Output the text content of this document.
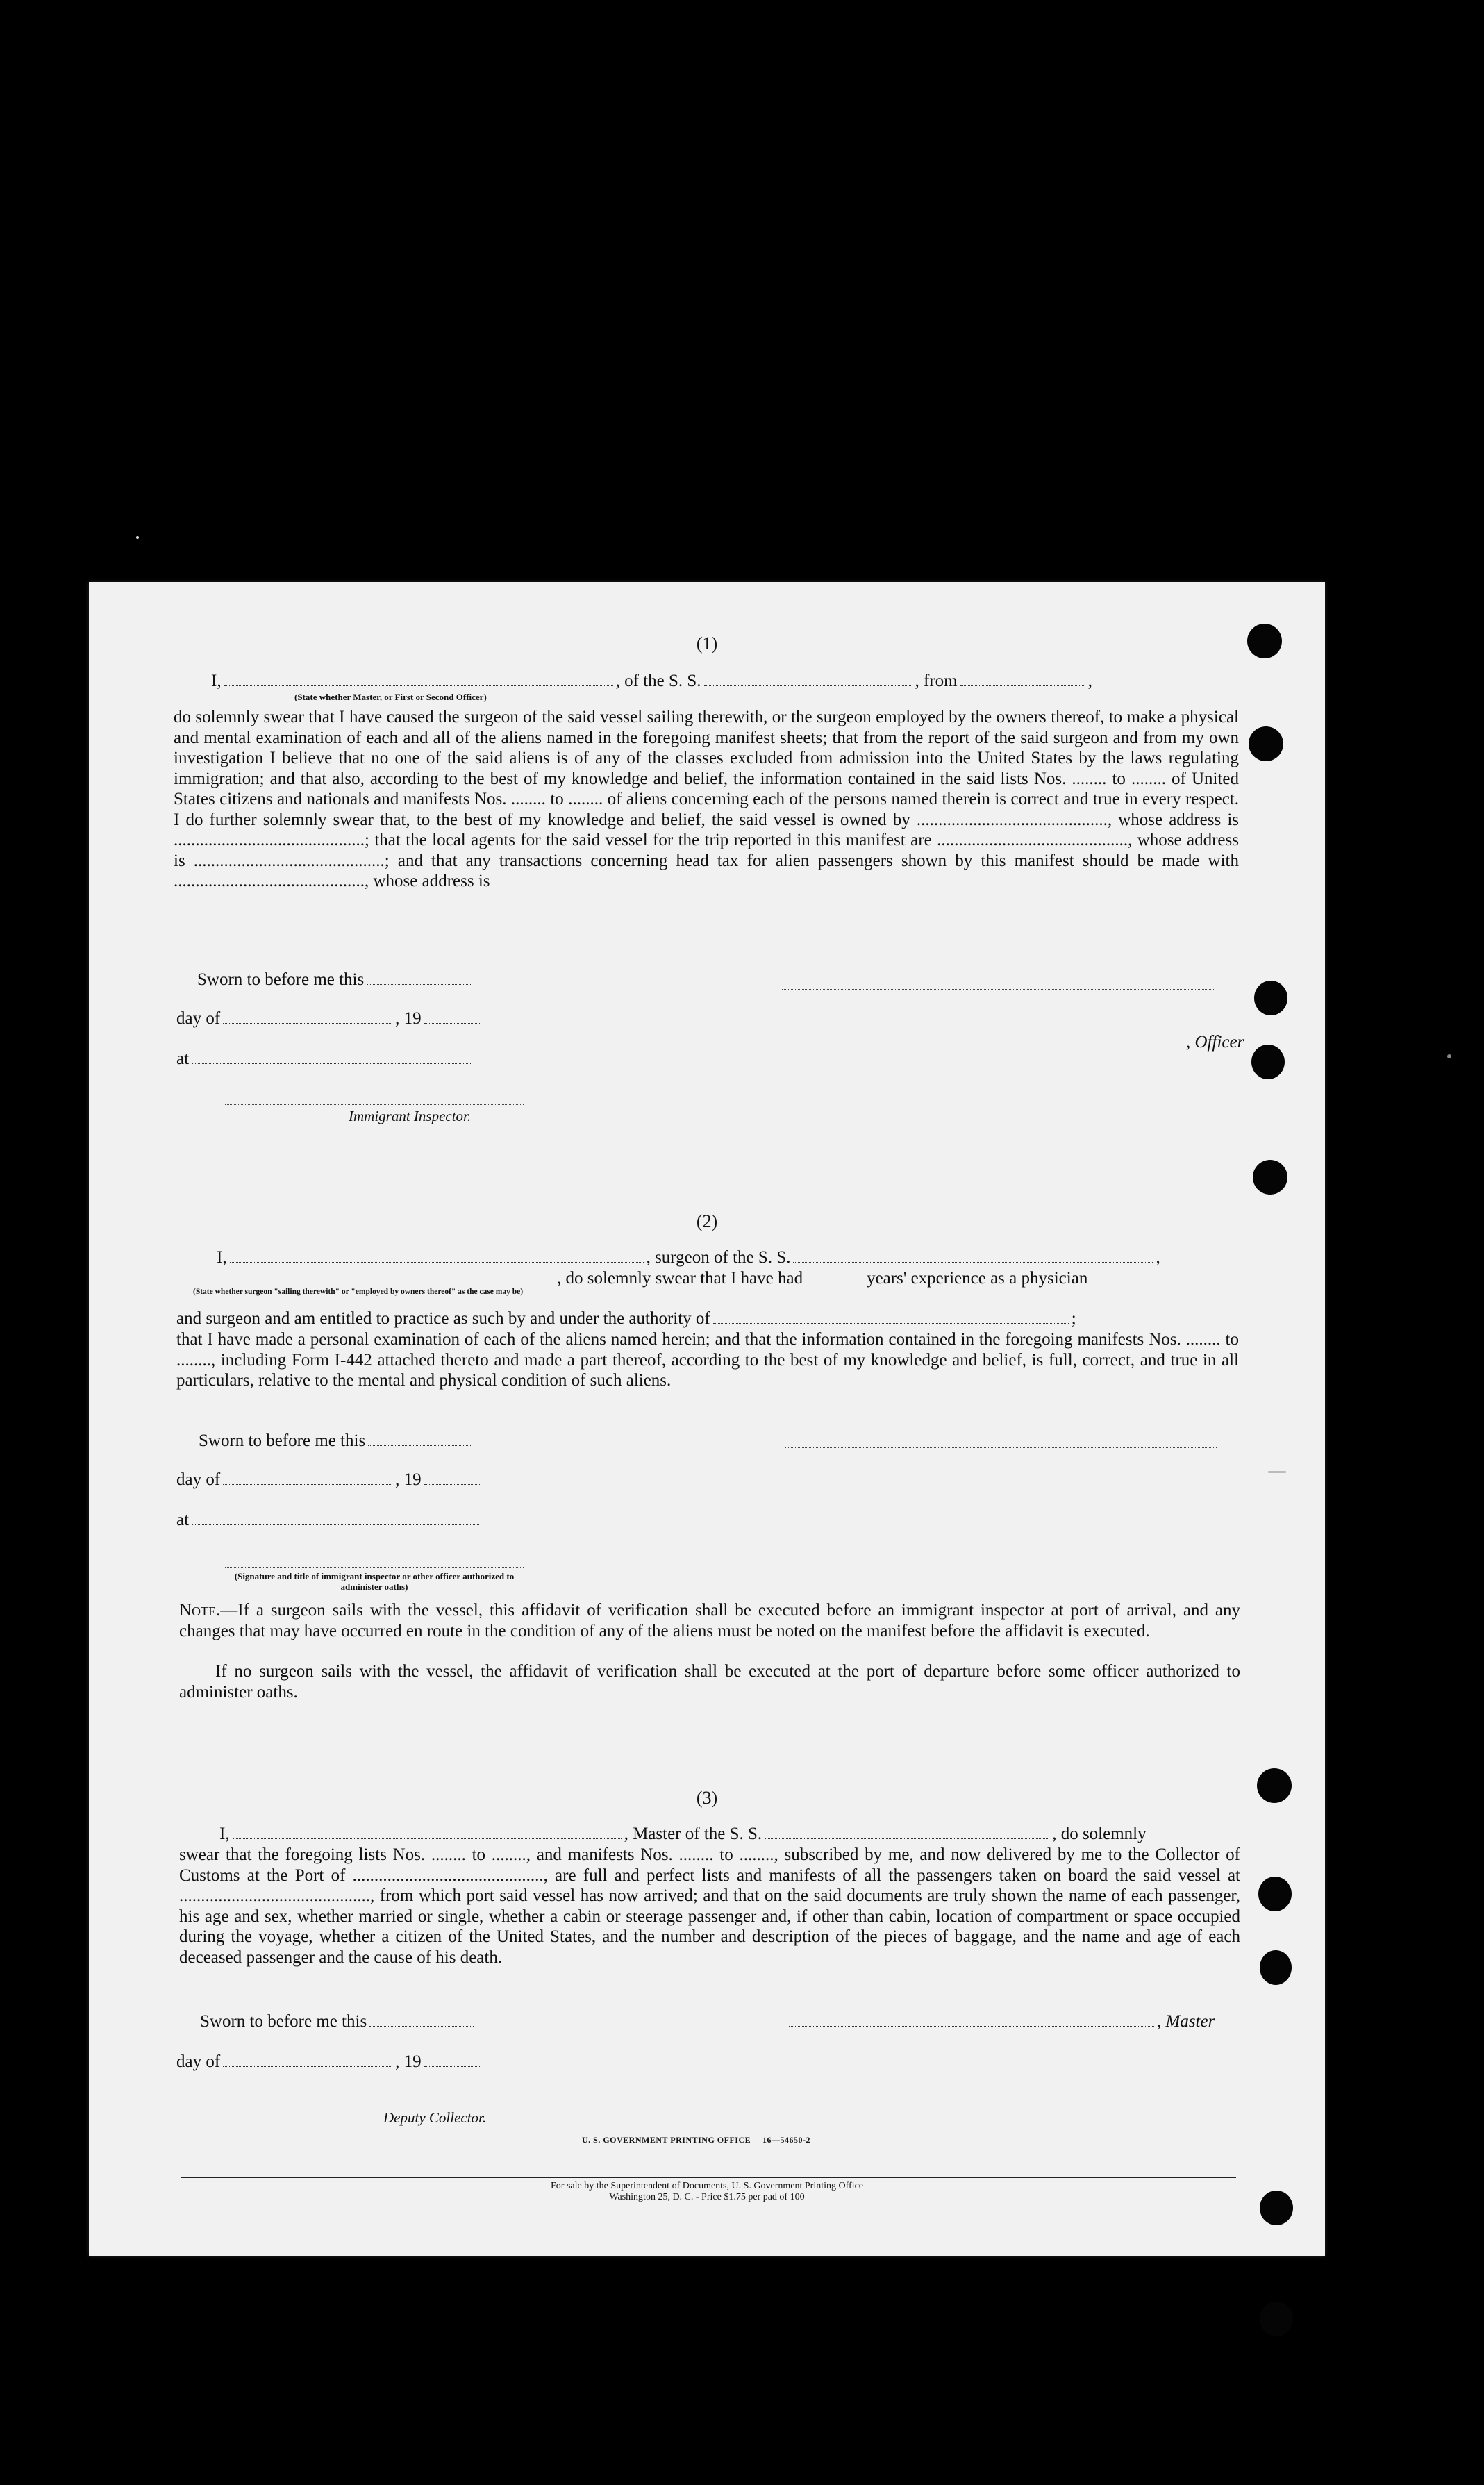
(1)
I,	, of the S. S.	, from	,
(State whether Master, or First or Second Officer)
do solemnly swear that I have caused the surgeon of the said vessel sailing therewith, or the surgeon employed by the owners thereof, to make a physical and mental examination of each and all of the aliens named in the foregoing manifest sheets; that from the report of the said surgeon and from my own investigation I believe that no one of the said aliens is of any of the classes excluded from admission into the United States by the laws regulating immigration; and that also, according to the best of my knowledge and belief, the information contained in the said lists Nos. ........ to ........ of United States citizens and nationals and manifests Nos. ........ to ........ of aliens concerning each of the persons named therein is correct and true in every respect. I do further solemnly swear that, to the best of my knowledge and belief, the said vessel is owned by ............................................, whose address is ............................................; that the local agents for the said vessel for the trip reported in this manifest are ............................................, whose address is ............................................; and that any transactions concerning head tax for alien passengers shown by this manifest should be made with ............................................, whose address is
Sworn to before me this
day of	, 19
, Officer
at
Immigrant Inspector.
(2)
I,	, surgeon of the S. S.	,
, do solemnly swear that I have had	years' experience as a physician
(State whether surgeon "sailing therewith" or "employed by owners thereof" as the case may be)
and surgeon and am entitled to practice as such by and under the authority of	;
that I have made a personal examination of each of the aliens named herein; and that the information contained in the foregoing manifests Nos. ........ to ........, including Form I-442 attached thereto and made a part thereof, according to the best of my knowledge and belief, is full, correct, and true in all particulars, relative to the mental and physical condition of such aliens.
Sworn to before me this
day of	, 19
at
(Signature and title of immigrant inspector or other officer authorized to administer oaths)
Note.—If a surgeon sails with the vessel, this affidavit of verification shall be executed before an immigrant inspector at port of arrival, and any changes that may have occurred en route in the condition of any of the aliens must be noted on the manifest before the affidavit is executed.
If no surgeon sails with the vessel, the affidavit of verification shall be executed at the port of departure before some officer authorized to administer oaths.
(3)
I,	, Master of the S. S.	, do solemnly
swear that the foregoing lists Nos. ........ to ........, and manifests Nos. ........ to ........, subscribed by me, and now delivered by me to the Collector of Customs at the Port of ............................................, are full and perfect lists and manifests of all the passengers taken on board the said vessel at ............................................, from which port said vessel has now arrived; and that on the said documents are truly shown the name of each passenger, his age and sex, whether married or single, whether a cabin or steerage passenger and, if other than cabin, location of compartment or space occupied during the voyage, whether a citizen of the United States, and the number and description of the pieces of baggage, and the name and age of each deceased passenger and the cause of his death.
Sworn to before me this	, Master
day of	, 19
Deputy Collector.
U. S. GOVERNMENT PRINTING OFFICE 16—54650-2
For sale by the Superintendent of Documents, U. S. Government Printing Office
Washington 25, D. C. - Price $1.75 per pad of 100
